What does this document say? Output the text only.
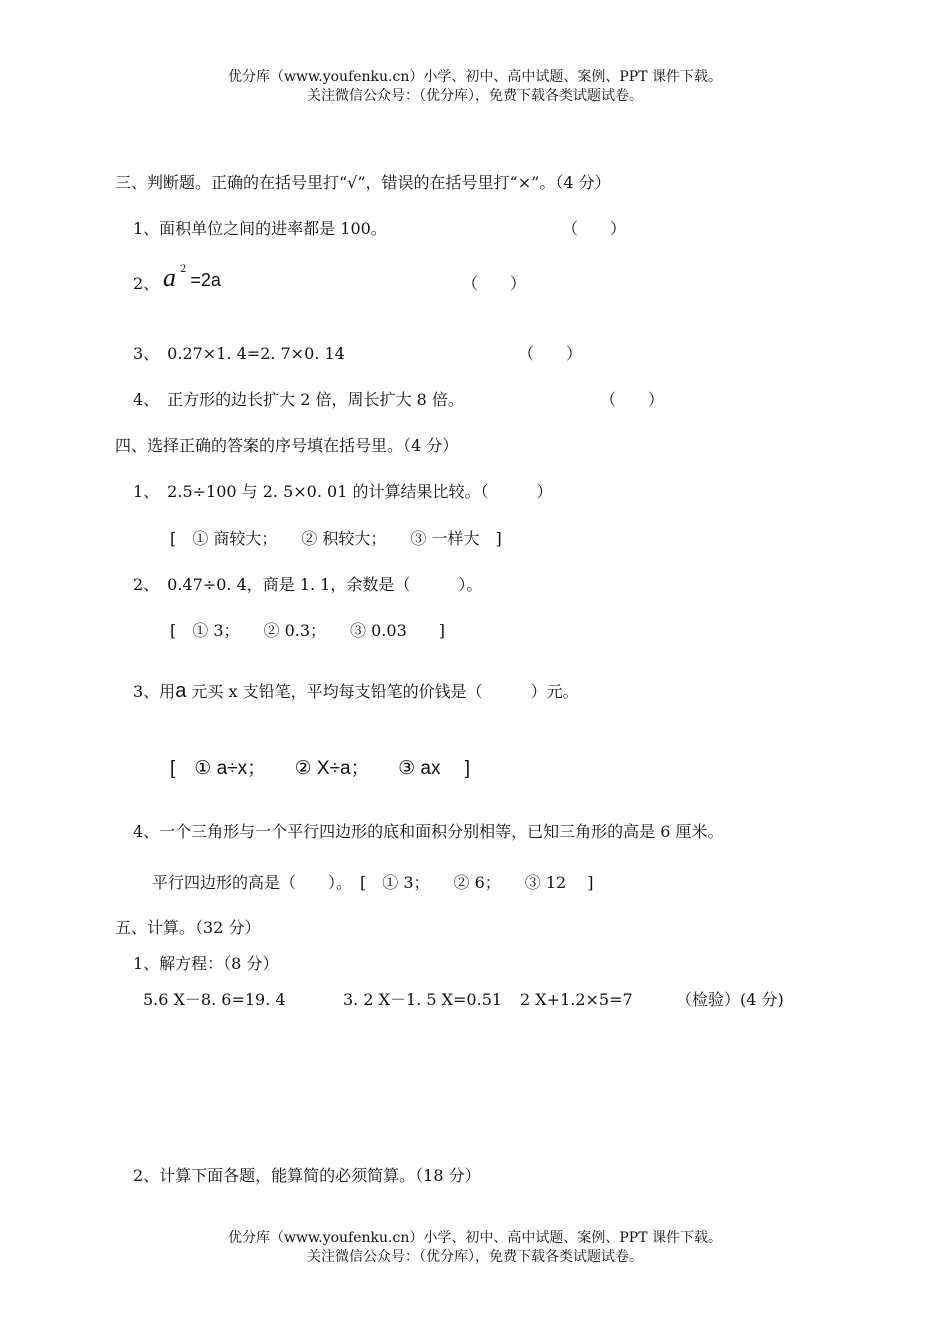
优分库（www.youfenku.cn）小学、初中、高中试题、案例、PPT 课件下载。
关注微信公众号：（优分库），免费下载各类试题试卷。
三、判断题。正确的在括号里打“√”，错误的在括号里打“×”。（4 分）
1、面积单位之间的进率都是 100。	（　　）
2、 a $^2$=2a	（　　）
3、　0.27×1. 4=2. 7×0. 14	（　　）
4、　正方形的边长扩大 2 倍，周长扩大 8 倍。	（　　）
四、选择正确的答案的序号填在括号里。（4 分）
1、　2.5÷100 与 2. 5×0. 01 的计算结果比较。（　　　）
[　① 商较大；　　② 积较大；　　③ 一样大　]
2、　0.47÷0. 4，商是 1. 1，余数是（　　　）。
[　① 3；　　② 0.3；　　③ 0.03　　]
3、用a 元买 x 支铅笔，平均每支铅笔的价钱是（　　　）元。
[　① a÷x；　　② X÷a；　　③ ax　 ]
4、一个三角形与一个平行四边形的底和面积分别相等，已知三角形的高是 6 厘米。
平行四边形的高是（　　）。　[　① 3；　　② 6；　　③ 12　 ]
五、计算。（32 分）
1、解方程：（8 分）
5.6 X－8. 6=19. 4	3. 2 X－1. 5 X=0.51 2 X+1.2×5=7	（检验）(4 分)
2、计算下面各题，能算简的必须简算。（18 分）
优分库（www.youfenku.cn）小学、初中、高中试题、案例、PPT 课件下载。
关注微信公众号：（优分库），免费下载各类试题试卷。
